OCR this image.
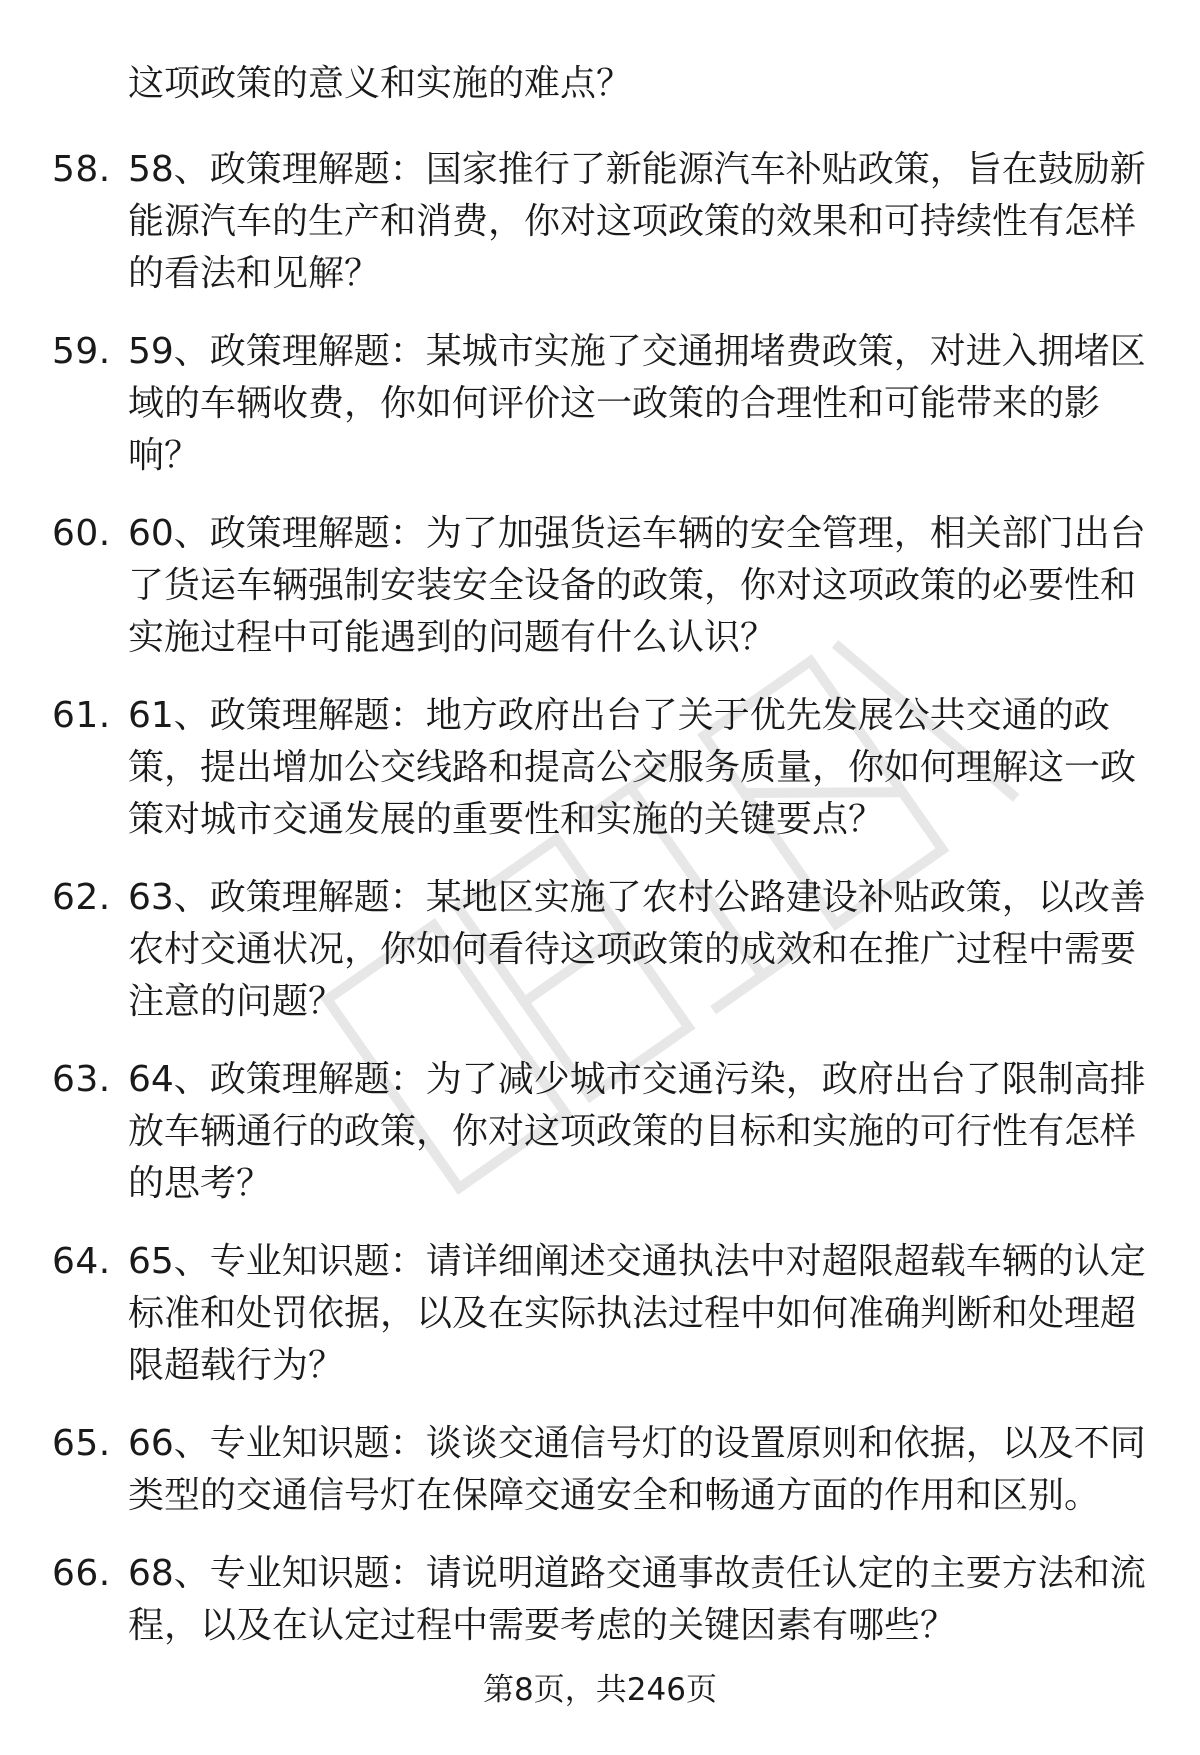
这项政策的意义和实施的难点？
58. 58、政策理解题：国家推行了新能源汽车补贴政策，旨在鼓励新能源汽车的生产和消费，你对这项政策的效果和可持续性有怎样的看法和见解？
59. 59、政策理解题：某城市实施了交通拥堵费政策，对进入拥堵区域的车辆收费，你如何评价这一政策的合理性和可能带来的影响？
60. 60、政策理解题：为了加强货运车辆的安全管理，相关部门出台了货运车辆强制安装安全设备的政策，你对这项政策的必要性和实施过程中可能遇到的问题有什么认识？
61. 61、政策理解题：地方政府出台了关于优先发展公共交通的政策，提出增加公交线路和提高公交服务质量，你如何理解这一政策对城市交通发展的重要性和实施的关键要点？
62. 63、政策理解题：某地区实施了农村公路建设补贴政策，以改善农村交通状况，你如何看待这项政策的成效和在推广过程中需要注意的问题？
63. 64、政策理解题：为了减少城市交通污染，政府出台了限制高排放车辆通行的政策，你对这项政策的目标和实施的可行性有怎样的思考？
64. 65、专业知识题：请详细阐述交通执法中对超限超载车辆的认定标准和处罚依据，以及在实际执法过程中如何准确判断和处理超限超载行为？
65. 66、专业知识题：谈谈交通信号灯的设置原则和依据，以及不同类型的交通信号灯在保障交通安全和畅通方面的作用和区别。
66. 68、专业知识题：请说明道路交通事故责任认定的主要方法和流程，以及在认定过程中需要考虑的关键因素有哪些？
第8页，共246页
